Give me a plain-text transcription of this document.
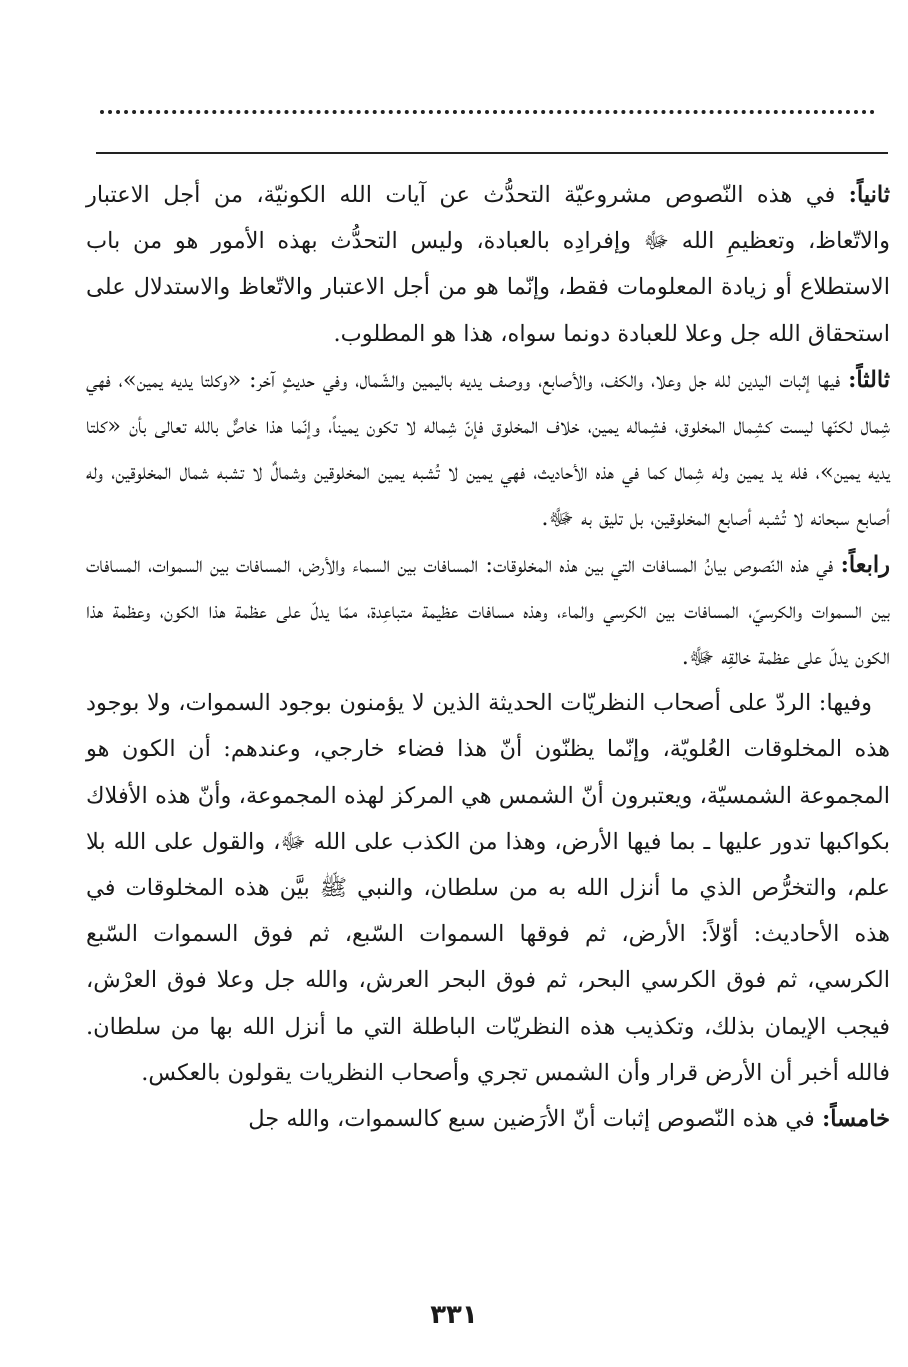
ثانياً: في هذه النّصوص مشروعيّة التحدُّث عن آيات الله الكونيّة، من أجل الاعتبار والاتّعاظ، وتعظيمِ الله ﷻ وإفرادِه بالعبادة، وليس التحدُّث بهذه الأمور هو من باب الاستطلاع أو زيادة المعلومات فقط، وإنّما هو من أجل الاعتبار والاتّعاظ والاستدلال على استحقاق الله جل وعلا للعبادة دونما سواه، هذا هو المطلوب.

ثالثاً: فيها إثبات اليدين لله جل وعلا، والكف، والأصابع، ووصف يديه باليمين والشّمال، وفي حديثٍ آخر: «وكلتا يديه يمين»، فهي شِمال لكنّها ليست كشِمال المخلوق، فشِماله يمين، خلاف المخلوق فإنّ شِماله لا تكون يميناً، وإنّما هذا خاصٌّ بالله تعالى بأن «كلتا يديه يمين»، فله يد يمين وله شِمال كما في هذه الأحاديث، فهي يمين لا تُشبه يمين المخلوقين وشمالٌ لا تشبه شمال المخلوقين، وله أصابع سبحانه لا تُشبه أصابع المخلوقين، بل تليق به ﷻ.

رابعاً: في هذه النّصوص بيانُ المسافات التي بين هذه المخلوقات: المسافات بين السماء والأرض، المسافات بين السموات، المسافات بين السموات والكرسيّ، المسافات بين الكرسي والماء، وهذه مسافات عظيمة متباعِدة، ممّا يدلّ على عظمة هذا الكون، وعظمة هذا الكون يدلّ على عظمة خالقِه ﷻ.

وفيها: الردّ على أصحاب النظريّات الحديثة الذين لا يؤمنون بوجود السموات، ولا بوجود هذه المخلوقات العُلويّة، وإنّما يظنّون أنّ هذا فضاء خارجي، وعندهم: أن الكون هو المجموعة الشمسيّة، ويعتبرون أنّ الشمس هي المركز لهذه المجموعة، وأنّ هذه الأفلاك بكواكبها تدور عليها ـ بما فيها الأرض، وهذا من الكذب على الله ﷻ، والقول على الله بلا علم، والتخرُّص الذي ما أنزل الله به من سلطان، والنبي ﷺ بيَّن هذه المخلوقات في هذه الأحاديث: أوّلاً: الأرض، ثم فوقها السموات السّبع، ثم فوق السموات السّبع الكرسي، ثم فوق الكرسي البحر، ثم فوق البحر العرش، والله جل وعلا فوق العرْش، فيجب الإيمان بذلك، وتكذيب هذه النظريّات الباطلة التي ما أنزل الله بها من سلطان. فالله أخبر أن الأرض قرار وأن الشمس تجري وأصحاب النظريات يقولون بالعكس.

خامساً: في هذه النّصوص إثبات أنّ الأرَضين سبع كالسموات، والله جل

٣٣١
